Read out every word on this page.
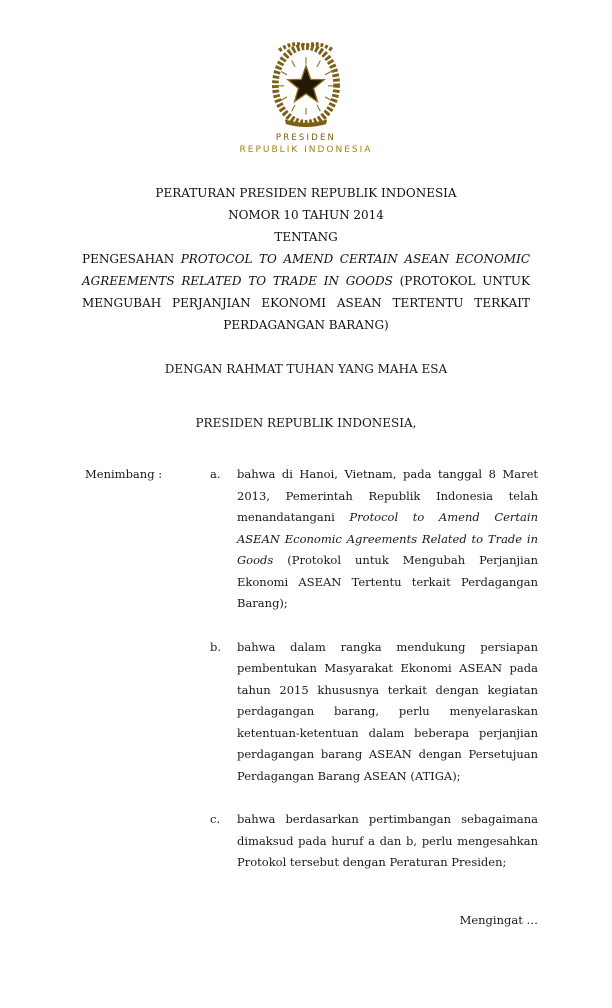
PRESIDEN
REPUBLIK INDONESIA
PERATURAN PRESIDEN REPUBLIK INDONESIA
NOMOR 10 TAHUN 2014
TENTANG
PENGESAHAN PROTOCOL TO AMEND CERTAIN ASEAN ECONOMIC AGREEMENTS RELATED TO TRADE IN GOODS (PROTOKOL UNTUK MENGUBAH PERJANJIAN EKONOMI ASEAN TERTENTU TERKAIT PERDAGANGAN BARANG)
DENGAN RAHMAT TUHAN YANG MAHA ESA
PRESIDEN REPUBLIK INDONESIA,
Menimbang :	a.	bahwa di Hanoi, Vietnam, pada tanggal 8 Maret 2013, Pemerintah Republik Indonesia telah menandatangani Protocol to Amend Certain ASEAN Economic Agreements Related to Trade in Goods (Protokol untuk Mengubah Perjanjian Ekonomi ASEAN Tertentu terkait Perdagangan Barang);
b.	bahwa dalam rangka mendukung persiapan pembentukan Masyarakat Ekonomi ASEAN pada tahun 2015 khususnya terkait dengan kegiatan perdagangan barang, perlu menyelaraskan ketentuan-ketentuan dalam beberapa perjanjian perdagangan barang ASEAN dengan Persetujuan Perdagangan Barang ASEAN (ATIGA);
c.	bahwa berdasarkan pertimbangan sebagaimana dimaksud pada huruf a dan b, perlu mengesahkan Protokol tersebut dengan Peraturan Presiden;
Mengingat …
